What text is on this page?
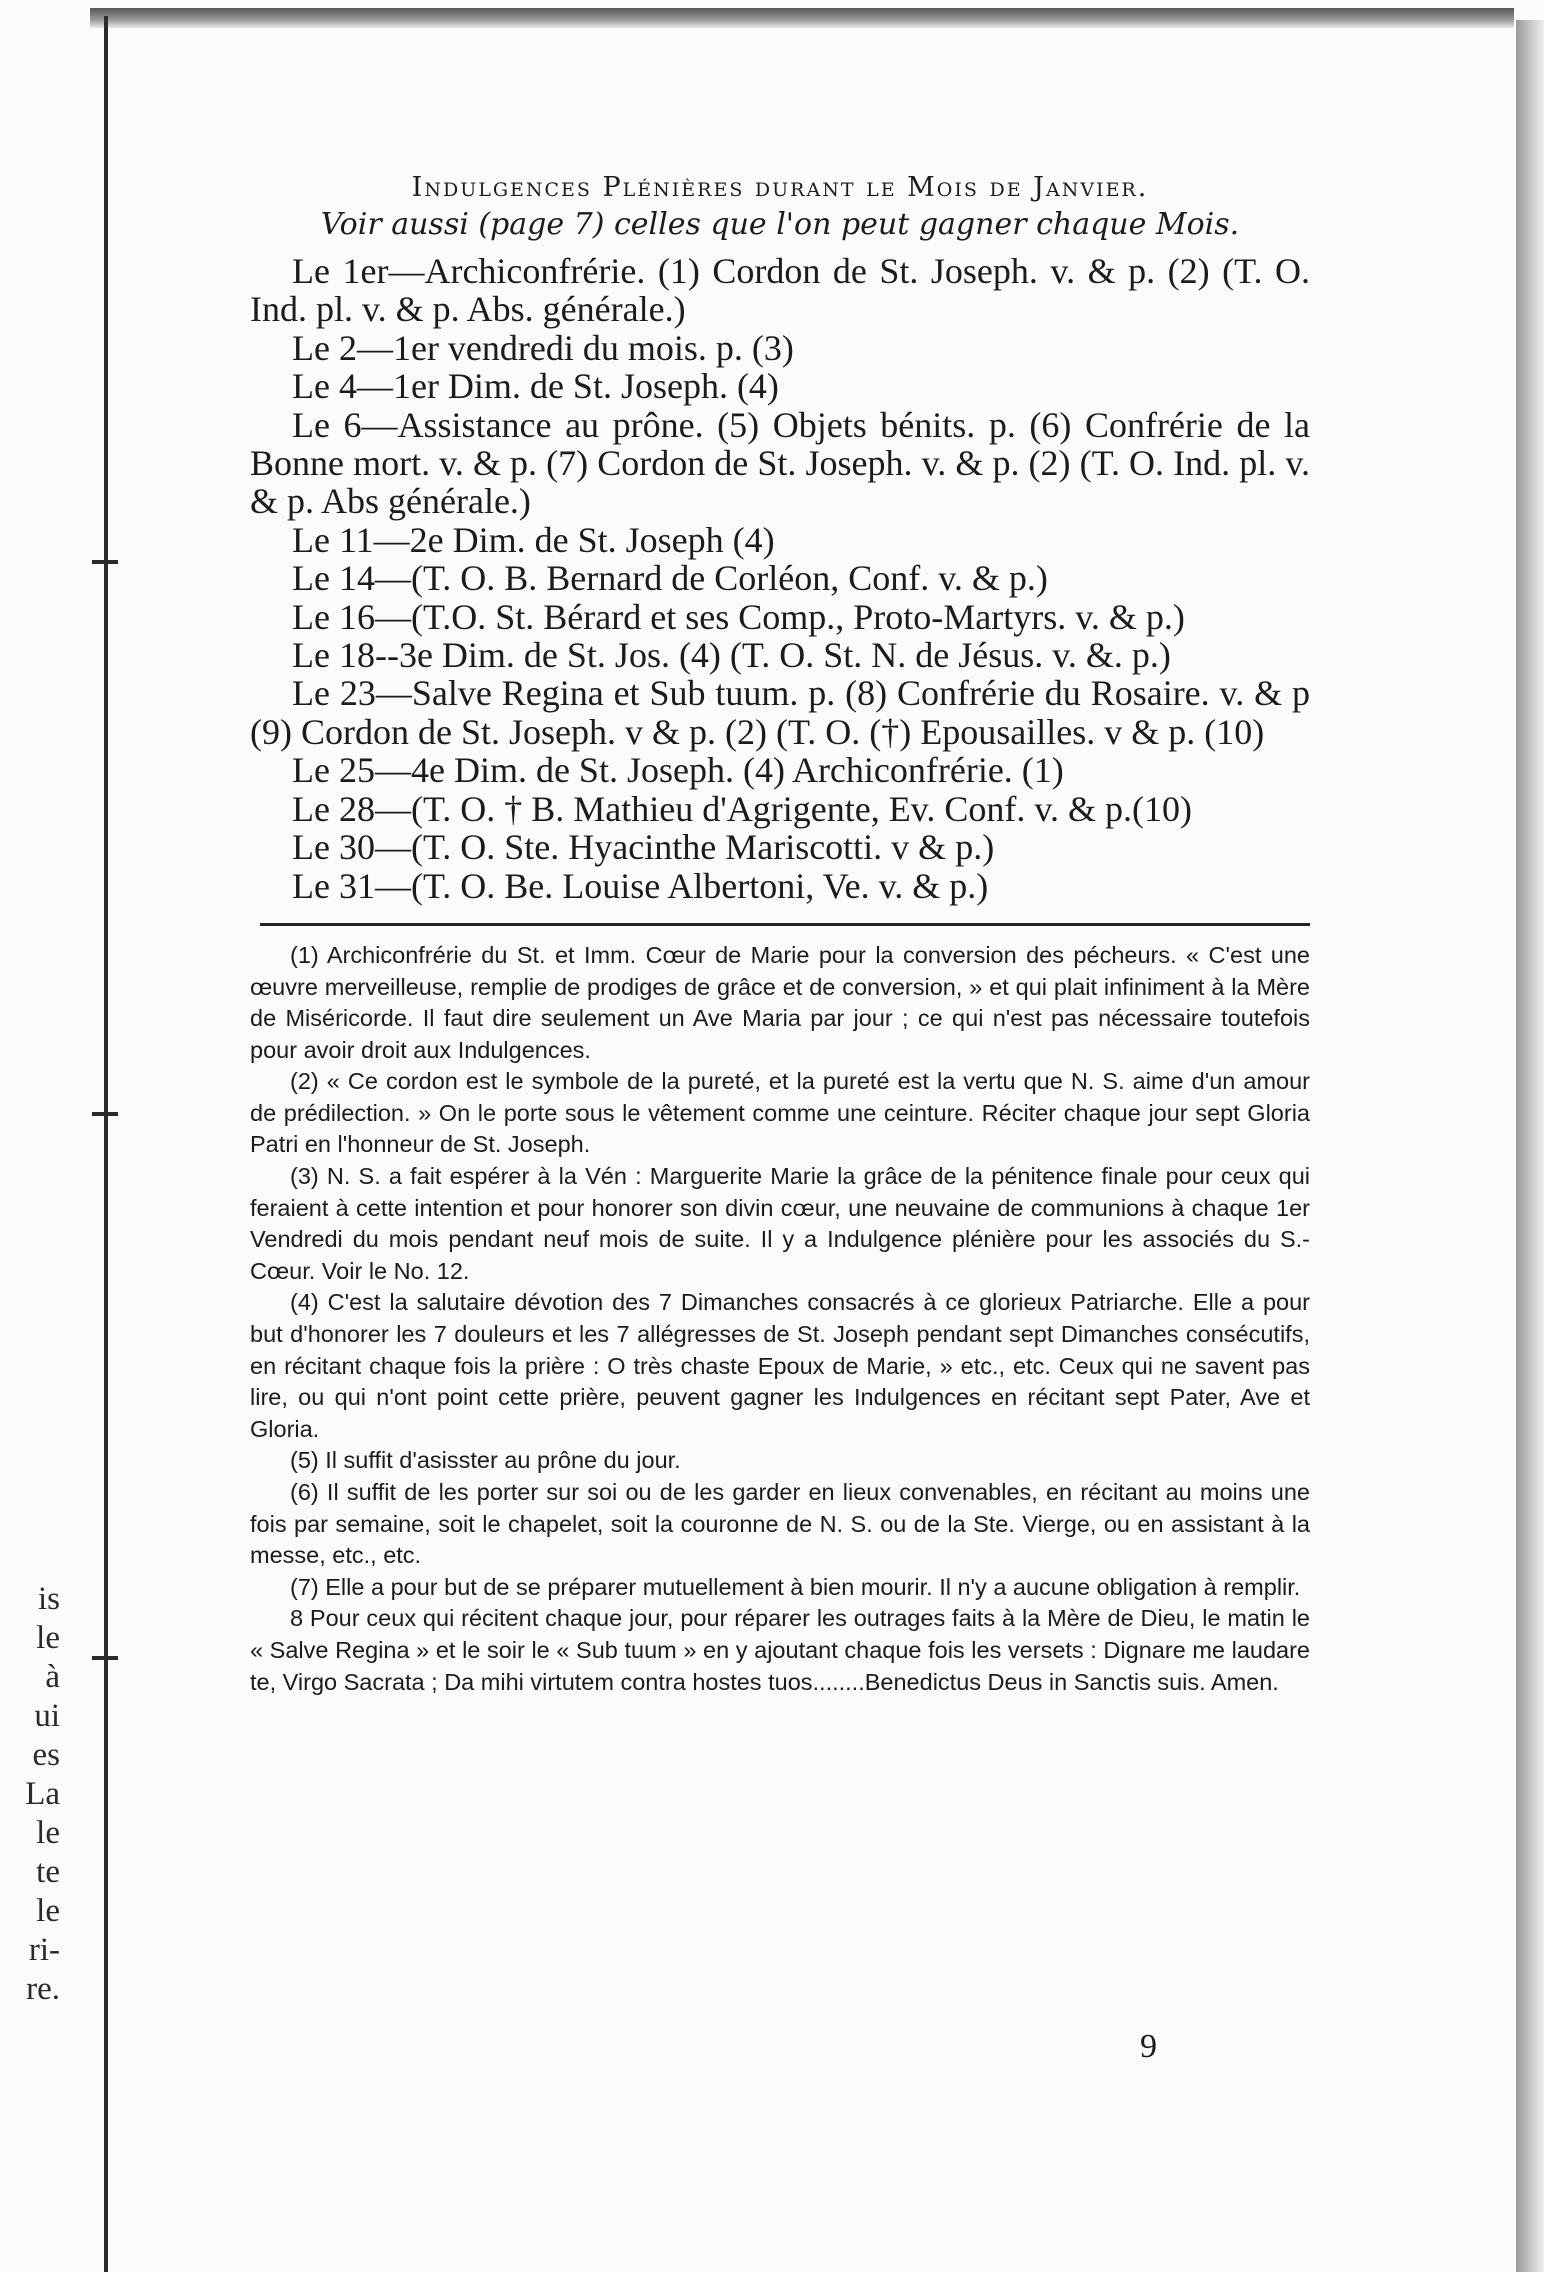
is
le
à
ui
es
La
le
te
le
ri-
re.
Indulgences Plénières durant le Mois de Janvier.
Voir aussi (page 7) celles que l'on peut gagner chaque Mois.

Le 1er—Archiconfrérie. (1) Cordon de St. Joseph. v. & p. (2) (T. O. Ind. pl. v. & p. Abs. générale.)

Le 2—1er vendredi du mois. p. (3)

Le 4—1er Dim. de St. Joseph. (4)

Le 6—Assistance au prône. (5) Objets bénits. p. (6) Confrérie de la Bonne mort. v. & p. (7) Cordon de St. Joseph. v. & p. (2) (T. O. Ind. pl. v. & p. Abs générale.)

Le 11—2e Dim. de St. Joseph (4)

Le 14—(T. O. B. Bernard de Corléon, Conf. v. & p.)

Le 16—(T.O. St. Bérard et ses Comp., Proto-Martyrs. v. & p.)

Le 18--3e Dim. de St. Jos. (4) (T. O. St. N. de Jésus. v. &. p.)

Le 23—Salve Regina et Sub tuum. p. (8) Confrérie du Rosaire. v. & p (9) Cordon de St. Joseph. v & p. (2) (T. O. (†) Epousailles. v & p. (10)

Le 25—4e Dim. de St. Joseph. (4) Archiconfrérie. (1)

Le 28—(T. O. † B. Mathieu d'Agrigente, Ev. Conf. v. & p.(10)

Le 30—(T. O. Ste. Hyacinthe Mariscotti. v & p.)

Le 31—(T. O. Be. Louise Albertoni, Ve. v. & p.)

(1) Archiconfrérie du St. et Imm. Cœur de Marie pour la conversion des pécheurs. « C'est une œuvre merveilleuse, remplie de prodiges de grâce et de conversion, » et qui plait infiniment à la Mère de Miséricorde. Il faut dire seulement un Ave Maria par jour ; ce qui n'est pas nécessaire toutefois pour avoir droit aux Indulgences.

(2) « Ce cordon est le symbole de la pureté, et la pureté est la vertu que N. S. aime d'un amour de prédilection. » On le porte sous le vêtement comme une ceinture. Réciter chaque jour sept Gloria Patri en l'honneur de St. Joseph.

(3) N. S. a fait espérer à la Vén : Marguerite Marie la grâce de la pénitence finale pour ceux qui feraient à cette intention et pour honorer son divin cœur, une neuvaine de communions à chaque 1er Vendredi du mois pendant neuf mois de suite. Il y a Indulgence plénière pour les associés du S.-Cœur. Voir le No. 12.

(4) C'est la salutaire dévotion des 7 Dimanches consacrés à ce glorieux Patriarche. Elle a pour but d'honorer les 7 douleurs et les 7 allégresses de St. Joseph pendant sept Dimanches consécutifs, en récitant chaque fois la prière : O très chaste Epoux de Marie, » etc., etc. Ceux qui ne savent pas lire, ou qui n'ont point cette prière, peuvent gagner les Indulgences en récitant sept Pater, Ave et Gloria.

(5) Il suffit d'asisster au prône du jour.

(6) Il suffit de les porter sur soi ou de les garder en lieux convenables, en récitant au moins une fois par semaine, soit le chapelet, soit la couronne de N. S. ou de la Ste. Vierge, ou en assistant à la messe, etc., etc.

(7) Elle a pour but de se préparer mutuellement à bien mourir. Il n'y a aucune obligation à remplir.

8 Pour ceux qui récitent chaque jour, pour réparer les outrages faits à la Mère de Dieu, le matin le « Salve Regina » et le soir le « Sub tuum » en y ajoutant chaque fois les versets : Dignare me laudare te, Virgo Sacrata ; Da mihi virtutem contra hostes tuos........Benedictus Deus in Sanctis suis. Amen.

9
